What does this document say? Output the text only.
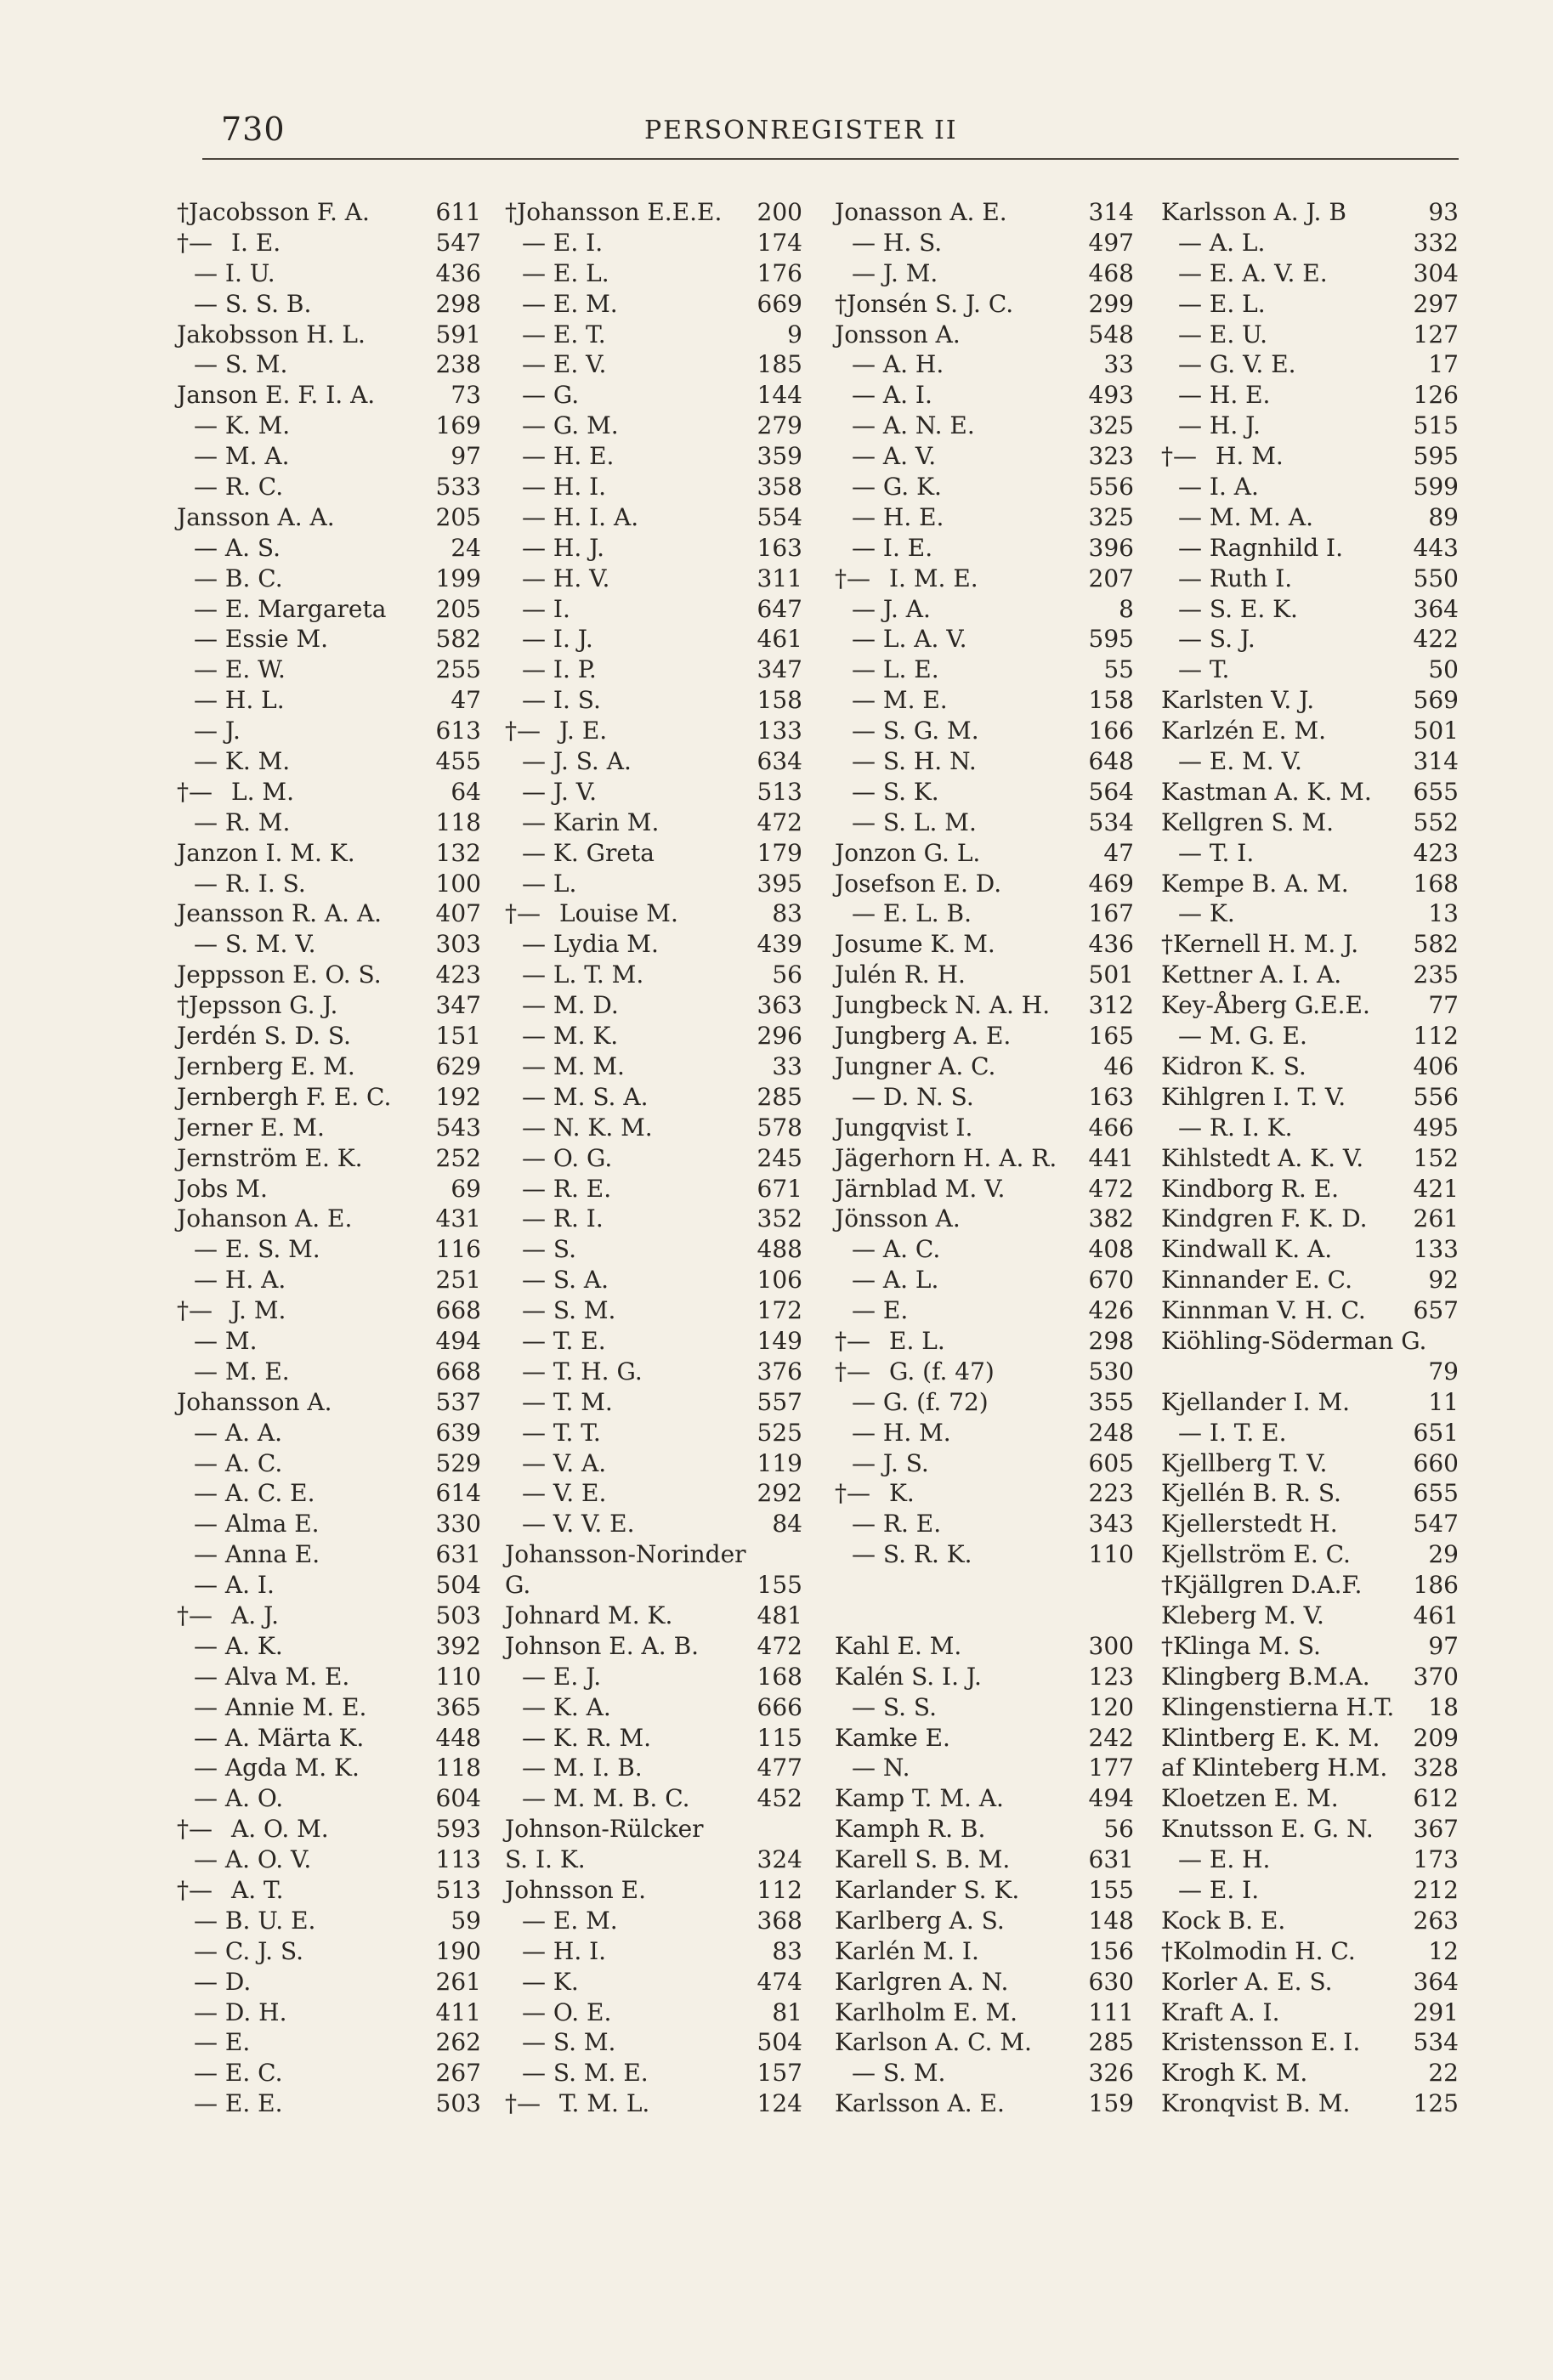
730	PERSONREGISTER II
†Jacobsson F. A.	611
†— I. E.	547
— I. U.	436
— S. S. B.	298
Jakobsson H. L.	591
— S. M.	238
Janson E. F. I. A.	73
— K. M.	169
— M. A.	97
— R. C.	533
Jansson A. A.	205
— A. S.	24
— B. C.	199
— E. Margareta 205
— Essie M.	582
— E. W.	255
— H. L.	47
— J.	613
— K. M.	455
†— L. M.	64
— R. M.	118
Janzon I. M. K.	132
— R. I. S.	100
Jeansson R. A. A. 407
— S. M. V.	303
Jeppsson E. O. S. 423
†Jepsson G. J.	347
Jerdén S. D. S.	151
Jernberg E. M.	629
Jernbergh F. E. C. 192
Jerner E. M.	543
Jernström E. K.	252
Jobs M.	69
Johanson A. E.	431
— E. S. M.	116
— H. A.	251
†— J. M.	668
— M.	494
— M. E.	668
Johansson A.	537
— A. A.	639
— A. C.	529
— A. C. E.	614
— Alma E.	330
— Anna E.	631
— A. I.	504
†— A. J.	503
— A. K.	392
— Alva M. E.	110
— Annie M. E.	365
— A. Märta K.	448
— Agda M. K.	118
— A. O.	604
†— A. O. M.	593
— A. O. V.	113
†— A. T.	513
— B. U. E.	59
— C. J. S.	190
— D.	261
— D. H.	411
— E.	262
— E. C.	267
— E. E.	503
†Johansson E.E.E. 200
— E. I.	174
— E. L.	176
— E. M.	669
— E. T.	9
— E. V.	185
— G.	144
— G. M.	279
— H. E.	359
— H. I.	358
— H. I. A.	554
— H. J.	163
— H. V.	311
— I.	647
— I. J.	461
— I. P.	347
— I. S.	158
†— J. E.	133
— J. S. A.	634
— J. V.	513
— Karin M.	472
— K. Greta	179
— L.	395
†— Louise M.	83
— Lydia M.	439
— L. T. M.	56
— M. D.	363
— M. K.	296
— M. M.	33
— M. S. A.	285
— N. K. M.	578
— O. G.	245
— R. E.	671
— R. I.	352
— S.	488
— S. A.	106
— S. M.	172
— T. E.	149
— T. H. G.	376
— T. M.	557
— T. T.	525
— V. A.	119
— V. E.	292
— V. V. E.	84
Johansson-Norinder
G.	155
Johnard M. K.	481
Johnson E. A. B. 472
— E. J.	168
— K. A.	666
— K. R. M.	115
— M. I. B.	477
— M. M. B. C.	452
Johnson-Rülcker
S. I. K.	324
Johnsson E.	112
— E. M.	368
— H. I.	83
— K.	474
— O. E.	81
— S. M.	504
— S. M. E.	157
†— T. M. L.	124
Jonasson A. E.	314
— H. S.	497
— J. M.	468
†Jonsén S. J. C.	299
Jonsson A.	548
— A. H.	33
— A. I.	493
— A. N. E.	325
— A. V.	323
— G. K.	556
— H. E.	325
— I. E.	396
†— I. M. E.	207
— J. A.	8
— L. A. V.	595
— L. E.	55
— M. E.	158
— S. G. M.	166
— S. H. N.	648
— S. K.	564
— S. L. M.	534
Jonzon G. L.	47
Josefson E. D.	469
— E. L. B.	167
Josume K. M.	436
Julén R. H.	501
Jungbeck N. A. H. 312
Jungberg A. E.	165
Jungner A. C.	46
— D. N. S.	163
Jungqvist I.	466
Jägerhorn H. A. R. 441
Järnblad M. V.	472
Jönsson A.	382
— A. C.	408
— A. L.	670
— E.	426
†— E. L.	298
†— G. (f. 47)	530
— G. (f. 72)	355
— H. M.	248
— J. S.	605
†— K.	223
— R. E.	343
— S. R. K.	110
Kahl E. M.	300
Kalén S. I. J.	123
— S. S.	120
Kamke E.	242
— N.	177
Kamp T. M. A.	494
Kamph R. B.	56
Karell S. B. M.	631
Karlander S. K.	155
Karlberg A. S.	148
Karlén M. I.	156
Karlgren A. N.	630
Karlholm E. M.	111
Karlson A. C. M. 285
— S. M.	326
Karlsson A. E.	159
Karlsson A. J. B	93
— A. L.	332
— E. A. V. E.	304
— E. L.	297
— E. U.	127
— G. V. E.	17
— H. E.	126
— H. J.	515
†— H. M.	595
— I. A.	599
— M. M. A.	89
— Ragnhild I.	443
— Ruth I.	550
— S. E. K.	364
— S. J.	422
— T.	50
Karlsten V. J.	569
Karlzén E. M.	501
— E. M. V.	314
Kastman A. K. M. 655
Kellgren S. M.	552
— T. I.	423
Kempe B. A. M.	168
— K.	13
†Kernell H. M. J. 582
Kettner A. I. A.	235
Key-Åberg G.E.E. 77
— M. G. E.	112
Kidron K. S.	406
Kihlgren I. T. V.	556
— R. I. K.	495
Kihlstedt A. K. V. 152
Kindborg R. E.	421
Kindgren F. K. D. 261
Kindwall K. A.	133
Kinnander E. C.	92
Kinnman V. H. C. 657
Kiöhling-Söderman G.
79
Kjellander I. M.	11
— I. T. E.	651
Kjellberg T. V.	660
Kjellén B. R. S.	655
Kjellerstedt H.	547
Kjellström E. C.	29
†Kjällgren D.A.F. 186
Kleberg M. V.	461
†Klinga M. S.	97
Klingberg B.M.A. 370
Klingenstierna H.T. 18
Klintberg E. K. M. 209
af Klinteberg H.M. 328
Kloetzen E. M.	612
Knutsson E. G. N. 367
— E. H.	173
— E. I.	212
Kock B. E.	263
†Kolmodin H. C.	12
Korler A. E. S.	364
Kraft A. I.	291
Kristensson E. I. 534
Krogh K. M.	22
Kronqvist B. M.	125
